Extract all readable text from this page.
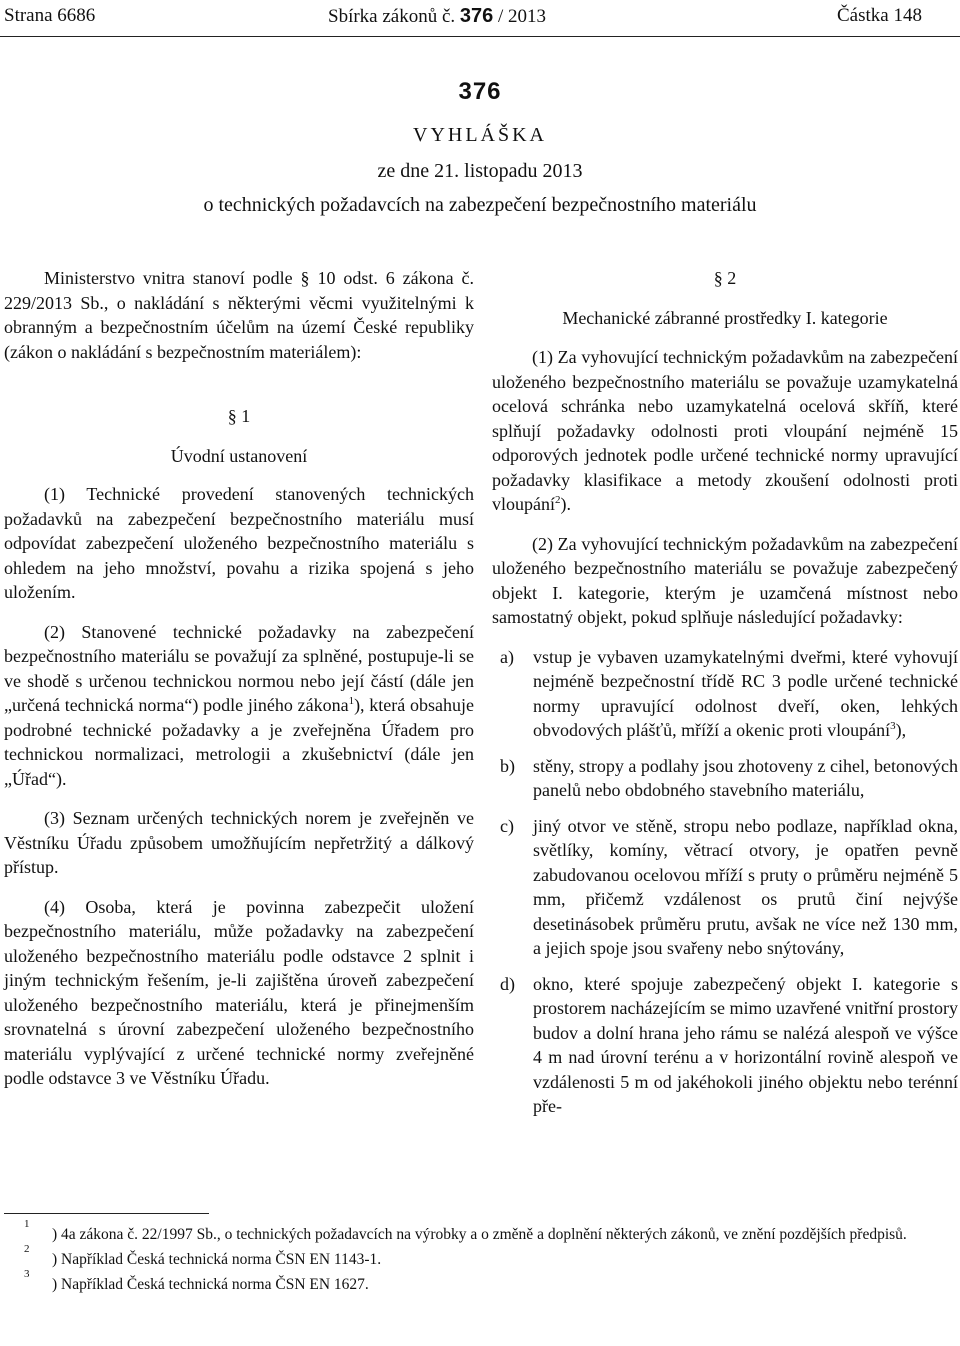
Strana 6686	Sbírka zákonů č. 376 / 2013	Částka 148
376
VYHLÁŠKA
ze dne 21. listopadu 2013
o technických požadavcích na zabezpečení bezpečnostního materiálu

Ministerstvo vnitra stanoví podle § 10 odst. 6 zákona č. 229/2013 Sb., o nakládání s některými věcmi využitelnými k obranným a bezpečnostním účelům na území České republiky (zákon o nakládání s bezpečnostním materiálem):

§ 1

Úvodní ustanovení

(1) Technické provedení stanovených technických požadavků na zabezpečení bezpečnostního materiálu musí odpovídat zabezpečení uloženého bezpečnostního materiálu s ohledem na jeho množství, povahu a rizika spojená s jeho uložením.

(2) Stanovené technické požadavky na zabezpečení bezpečnostního materiálu se považují za splněné, postupuje-li se ve shodě s určenou technickou normou nebo její částí (dále jen „určená technická norma“) podle jiného zákona$^1$), která obsahuje podrobné technické požadavky a je zveřejněna Úřadem pro technickou normalizaci, metrologii a zkušebnictví (dále jen „Úřad“).

(3) Seznam určených technických norem je zveřejněn ve Věstníku Úřadu způsobem umožňujícím nepřetržitý a dálkový přístup.

(4) Osoba, která je povinna zabezpečit uložení bezpečnostního materiálu, může požadavky na zabezpečení uloženého bezpečnostního materiálu podle odstavce 2 splnit i jiným technickým řešením, je-li zajištěna úroveň zabezpečení uloženého bezpečnostního materiálu, která je přinejmenším srovnatelná s úrovní zabezpečení uloženého bezpečnostního materiálu vyplývající z určené technické normy zveřejněné podle odstavce 3 ve Věstníku Úřadu.

§ 2

Mechanické zábranné prostředky I. kategorie

(1) Za vyhovující technickým požadavkům na zabezpečení uloženého bezpečnostního materiálu se považuje uzamykatelná ocelová schránka nebo uzamykatelná ocelová skříň, které splňují požadavky odolnosti proti vloupání nejméně 15 odporových jednotek podle určené technické normy upravující požadavky klasifikace a metody zkoušení odolnosti proti vloupání$^2$).

(2) Za vyhovující technickým požadavkům na zabezpečení uloženého bezpečnostního materiálu se považuje zabezpečený objekt I. kategorie, kterým je uzamčená místnost nebo samostatný objekt, pokud splňuje následující požadavky:

a) vstup je vybaven uzamykatelnými dveřmi, které vyhovují nejméně bezpečnostní třídě RC 3 podle určené technické normy upravující odolnost dveří, oken, lehkých obvodových plášťů, mříží a okenic proti vloupání$^3$),
b) stěny, stropy a podlahy jsou zhotoveny z cihel, betonových panelů nebo obdobného stavebního materiálu,
c) jiný otvor ve stěně, stropu nebo podlaze, například okna, světlíky, komíny, větrací otvory, je opatřen pevně zabudovanou ocelovou mříží s pruty o průměru nejméně 5 mm, přičemž vzdálenost os prutů činí nejvýše desetinásobek průměru prutu, avšak ne více než 130 mm, a jejich spoje jsou svařeny nebo snýtovány,
d) okno, které spojuje zabezpečený objekt I. kategorie s prostorem nacházejícím se mimo uzavřené vnitřní prostory budov a dolní hrana jeho rámu se nalézá alespoň ve výšce 4 m nad úrovní terénu a v horizontální rovině alespoň ve vzdálenosti 5 m od jakéhokoli jiného objektu nebo terénní pře-
1
) 4a zákona č. 22/1997 Sb., o technických požadavcích na výrobky a o změně a doplnění některých zákonů, ve znění pozdějších předpisů.
2
) Například Česká technická norma ČSN EN 1143-1.
3
) Například Česká technická norma ČSN EN 1627.
